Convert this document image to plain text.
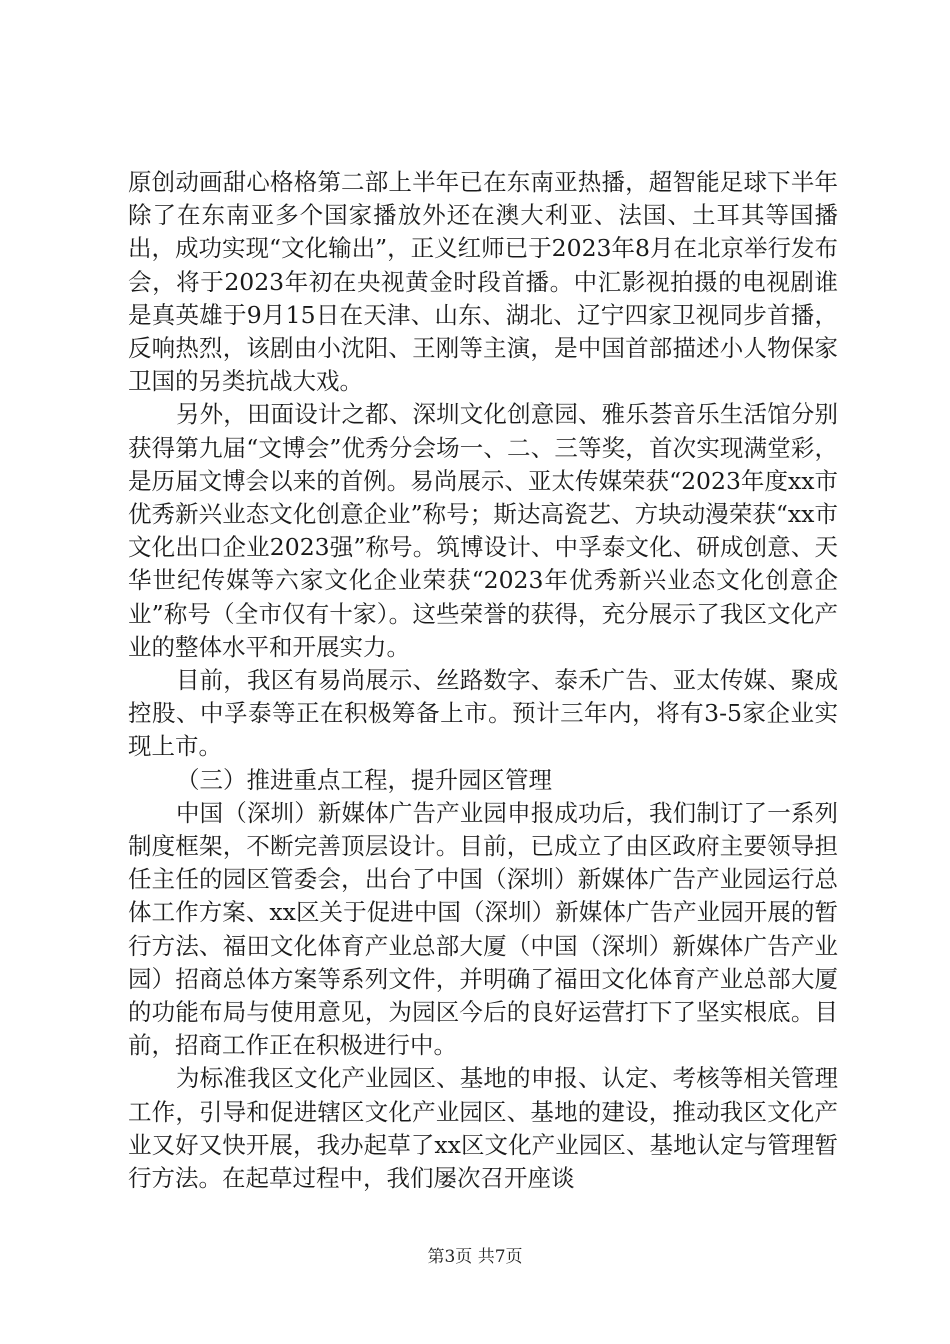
原创动画甜心格格第二部上半年已在东南亚热播，超智能足球下半年除了在东南亚多个国家播放外还在澳大利亚、法国、土耳其等国播出，成功实现“文化输出”，正义红师已于2023年8月在北京举行发布会，将于2023年初在央视黄金时段首播。中汇影视拍摄的电视剧谁是真英雄于9月15日在天津、山东、湖北、辽宁四家卫视同步首播，反响热烈，该剧由小沈阳、王刚等主演，是中国首部描述小人物保家卫国的另类抗战大戏。

另外，田面设计之都、深圳文化创意园、雅乐荟音乐生活馆分别获得第九届“文博会”优秀分会场一、二、三等奖，首次实现满堂彩，是历届文博会以来的首例。易尚展示、亚太传媒荣获“2023年度xx市优秀新兴业态文化创意企业”称号；斯达高瓷艺、方块动漫荣获“xx市文化出口企业2023强”称号。筑博设计、中孚泰文化、研成创意、天华世纪传媒等六家文化企业荣获“2023年优秀新兴业态文化创意企业”称号（全市仅有十家）。这些荣誉的获得，充分展示了我区文化产业的整体水平和开展实力。

目前，我区有易尚展示、丝路数字、泰禾广告、亚太传媒、聚成控股、中孚泰等正在积极筹备上市。预计三年内，将有3-5家企业实现上市。

（三）推进重点工程，提升园区管理

中国（深圳）新媒体广告产业园申报成功后，我们制订了一系列制度框架，不断完善顶层设计。目前，已成立了由区政府主要领导担任主任的园区管委会，出台了中国（深圳）新媒体广告产业园运行总体工作方案、xx区关于促进中国（深圳）新媒体广告产业园开展的暂行方法、福田文化体育产业总部大厦（中国（深圳）新媒体广告产业园）招商总体方案等系列文件，并明确了福田文化体育产业总部大厦的功能布局与使用意见，为园区今后的良好运营打下了坚实根底。目前，招商工作正在积极进行中。

为标准我区文化产业园区、基地的申报、认定、考核等相关管理工作，引导和促进辖区文化产业园区、基地的建设，推动我区文化产业又好又快开展，我办起草了xx区文化产业园区、基地认定与管理暂行方法。在起草过程中，我们屡次召开座谈

第3页 共7页
